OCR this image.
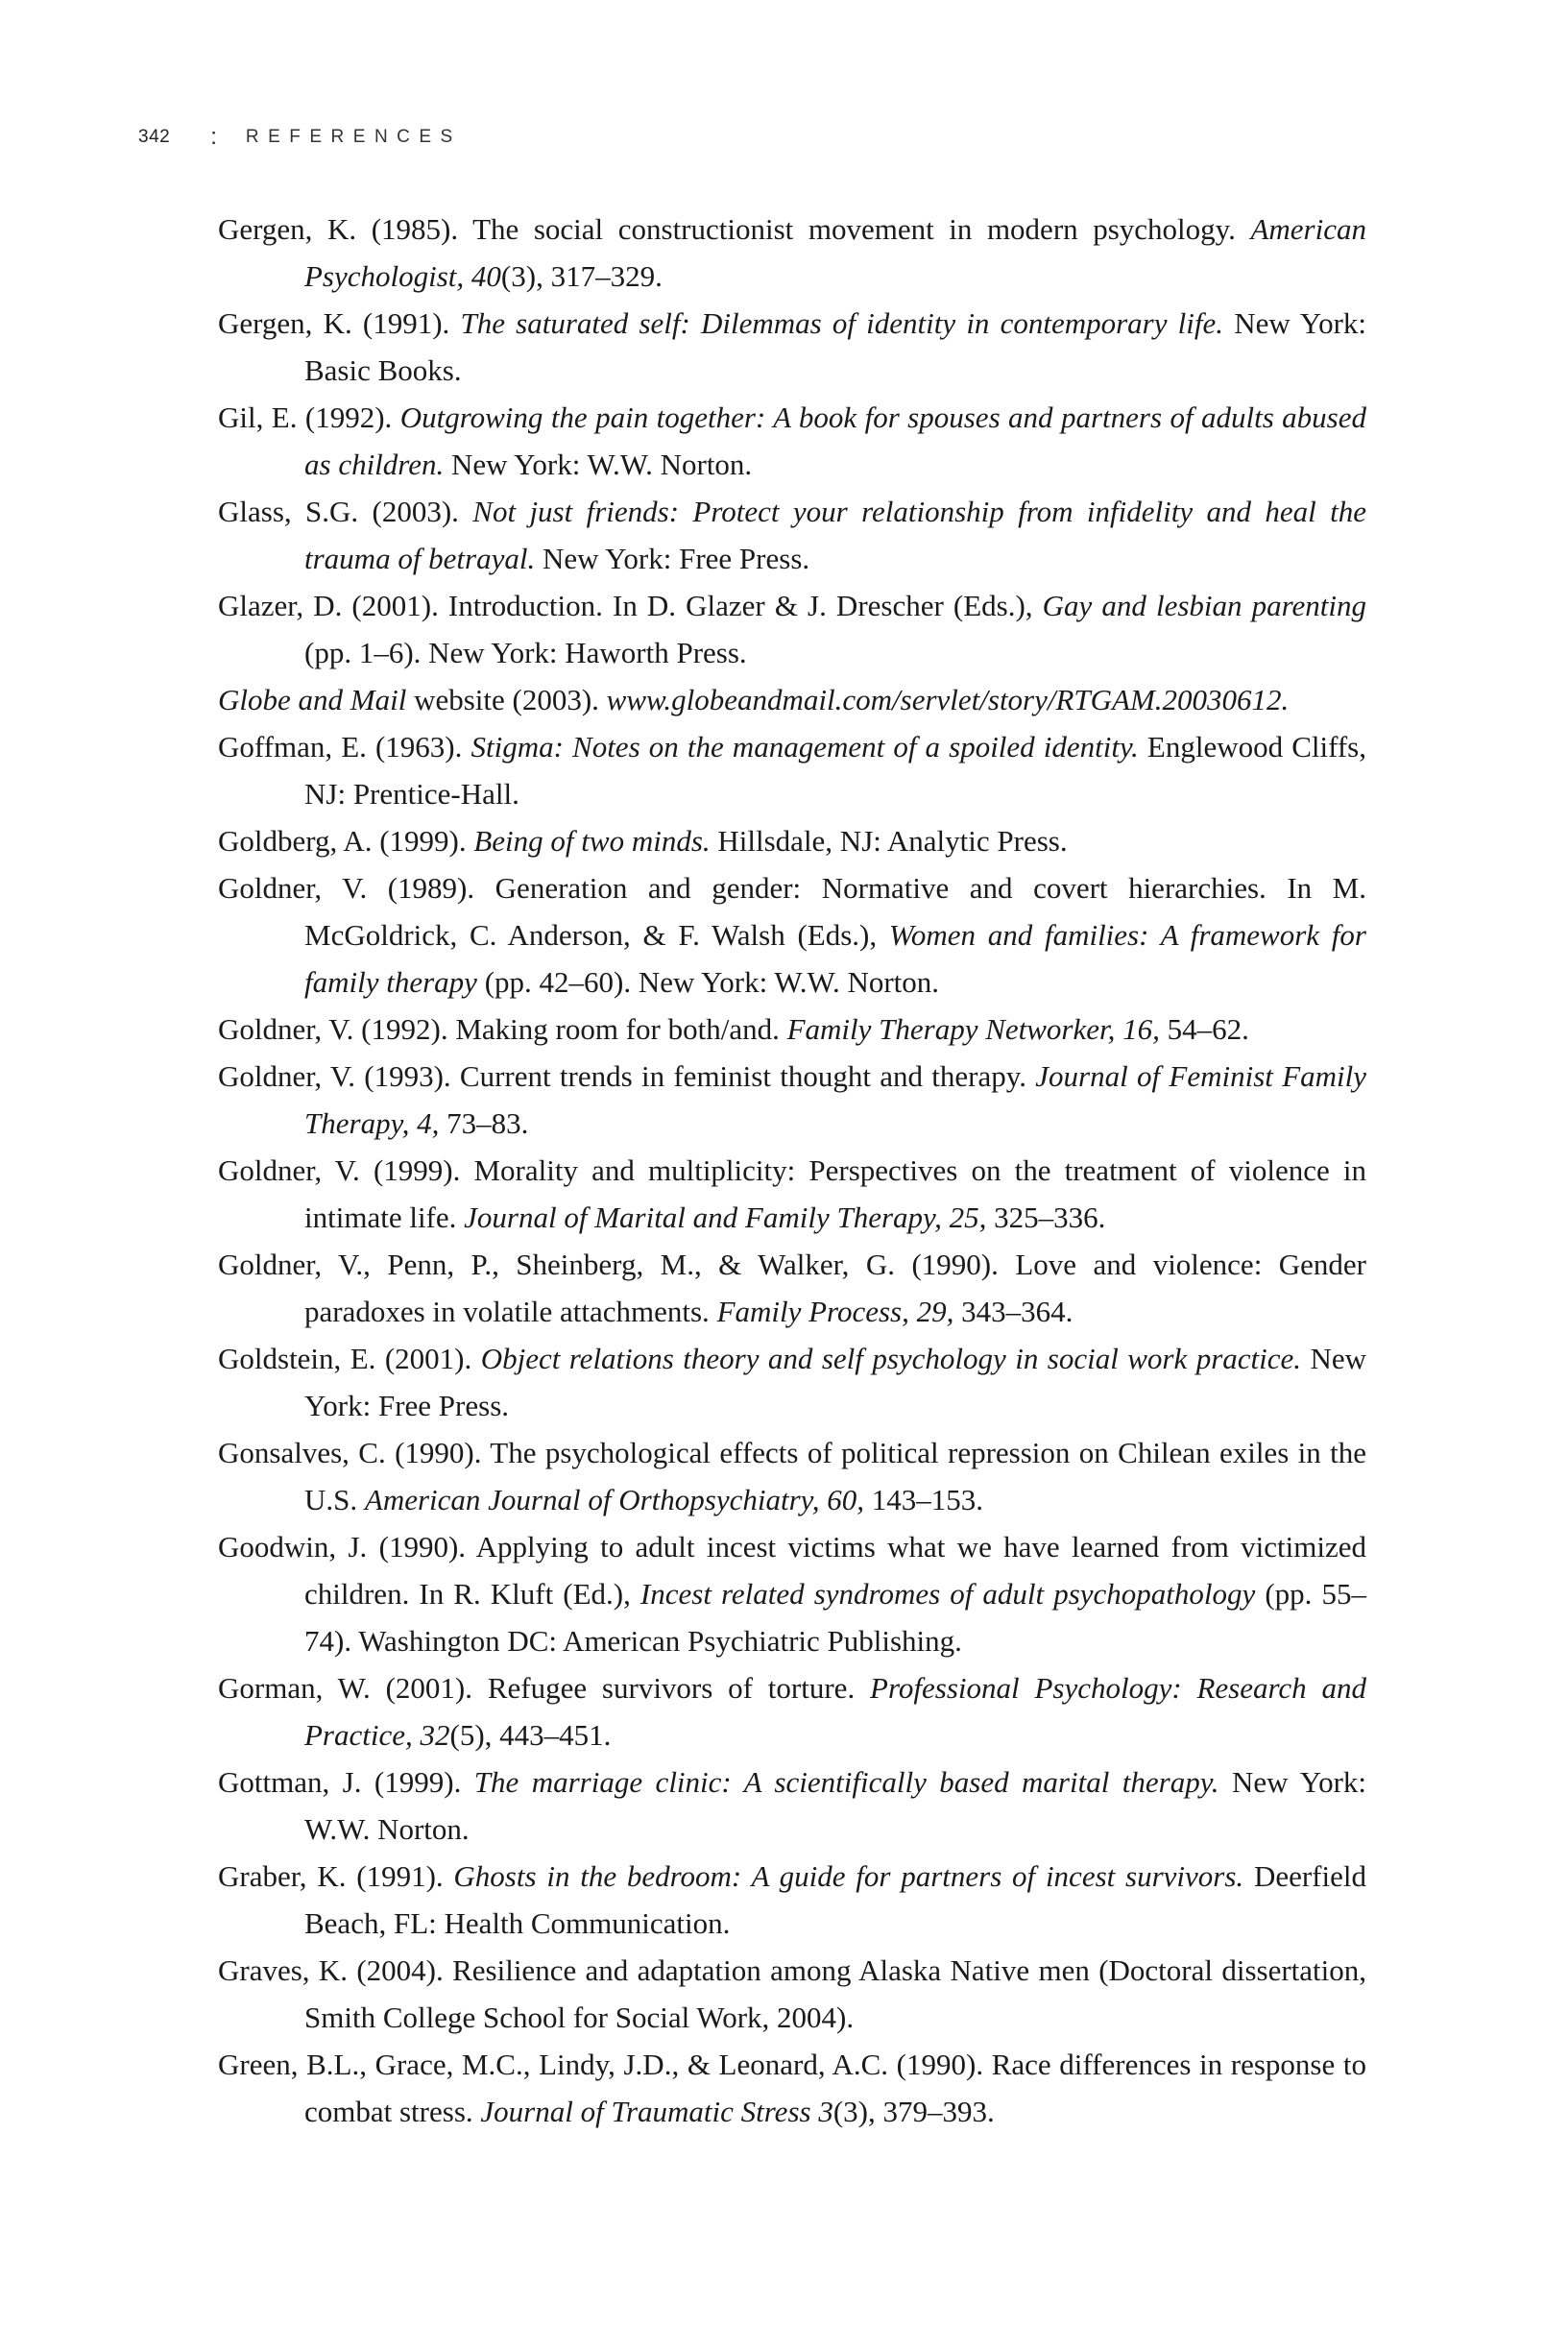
342 : REFERENCES
Gergen, K. (1985). The social constructionist movement in modern psychology. American Psychologist, 40(3), 317–329.
Gergen, K. (1991). The saturated self: Dilemmas of identity in contemporary life. New York: Basic Books.
Gil, E. (1992). Outgrowing the pain together: A book for spouses and partners of adults abused as children. New York: W.W. Norton.
Glass, S.G. (2003). Not just friends: Protect your relationship from infidelity and heal the trauma of betrayal. New York: Free Press.
Glazer, D. (2001). Introduction. In D. Glazer & J. Drescher (Eds.), Gay and lesbian parenting (pp. 1–6). New York: Haworth Press.
Globe and Mail website (2003). www.globeandmail.com/servlet/story/RTGAM.20030612.
Goffman, E. (1963). Stigma: Notes on the management of a spoiled identity. Englewood Cliffs, NJ: Prentice-Hall.
Goldberg, A. (1999). Being of two minds. Hillsdale, NJ: Analytic Press.
Goldner, V. (1989). Generation and gender: Normative and covert hierarchies. In M. McGoldrick, C. Anderson, & F. Walsh (Eds.), Women and families: A framework for family therapy (pp. 42–60). New York: W.W. Norton.
Goldner, V. (1992). Making room for both/and. Family Therapy Networker, 16, 54–62.
Goldner, V. (1993). Current trends in feminist thought and therapy. Journal of Feminist Family Therapy, 4, 73–83.
Goldner, V. (1999). Morality and multiplicity: Perspectives on the treatment of violence in intimate life. Journal of Marital and Family Therapy, 25, 325–336.
Goldner, V., Penn, P., Sheinberg, M., & Walker, G. (1990). Love and violence: Gender paradoxes in volatile attachments. Family Process, 29, 343–364.
Goldstein, E. (2001). Object relations theory and self psychology in social work practice. New York: Free Press.
Gonsalves, C. (1990). The psychological effects of political repression on Chilean exiles in the U.S. American Journal of Orthopsychiatry, 60, 143–153.
Goodwin, J. (1990). Applying to adult incest victims what we have learned from victimized children. In R. Kluft (Ed.), Incest related syndromes of adult psychopathology (pp. 55–74). Washington DC: American Psychiatric Publishing.
Gorman, W. (2001). Refugee survivors of torture. Professional Psychology: Research and Practice, 32(5), 443–451.
Gottman, J. (1999). The marriage clinic: A scientifically based marital therapy. New York: W.W. Norton.
Graber, K. (1991). Ghosts in the bedroom: A guide for partners of incest survivors. Deerfield Beach, FL: Health Communication.
Graves, K. (2004). Resilience and adaptation among Alaska Native men (Doctoral dissertation, Smith College School for Social Work, 2004).
Green, B.L., Grace, M.C., Lindy, J.D., & Leonard, A.C. (1990). Race differences in response to combat stress. Journal of Traumatic Stress 3(3), 379–393.
